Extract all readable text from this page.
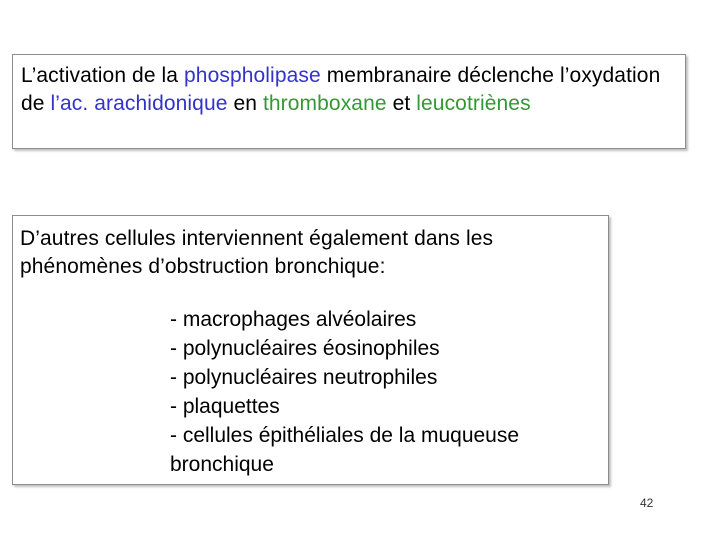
L’activation de la phospholipase membranaire déclenche l’oxydation de l’ac. arachidonique en thromboxane et leucotriènes
D’autres cellules interviennent également dans les phénomènes d’obstruction bronchique:
- macrophages alvéolaires
- polynucléaires éosinophiles
- polynucléaires neutrophiles
- plaquettes
- cellules épithéliales de la muqueuse bronchique
42
